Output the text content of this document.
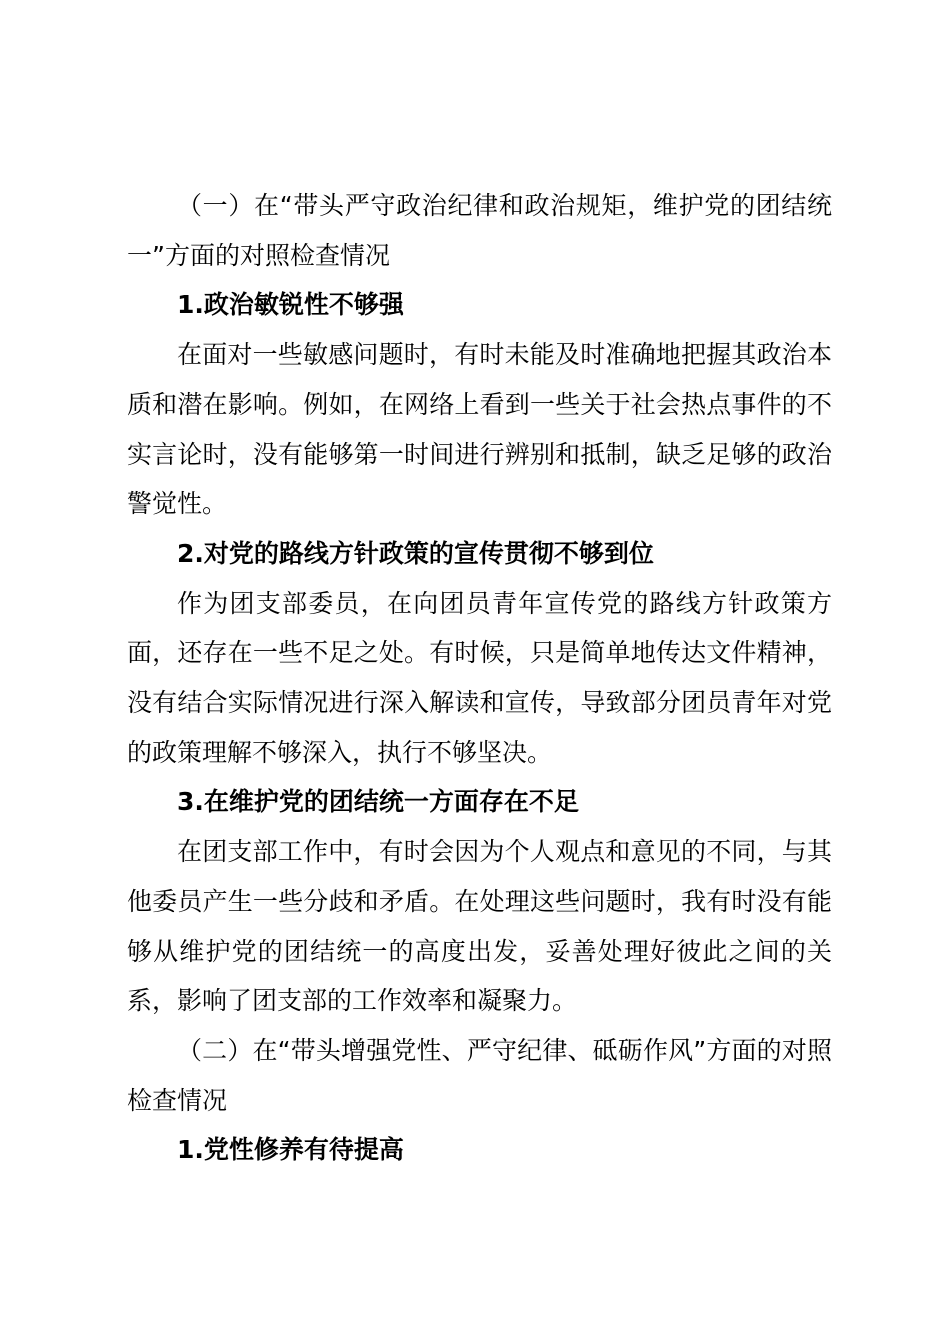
（一）在“带头严守政治纪律和政治规矩，维护党的团结统一”方面的对照检查情况

1.政治敏锐性不够强

在面对一些敏感问题时，有时未能及时准确地把握其政治本质和潜在影响。例如，在网络上看到一些关于社会热点事件的不实言论时，没有能够第一时间进行辨别和抵制，缺乏足够的政治警觉性。

2.对党的路线方针政策的宣传贯彻不够到位

作为团支部委员，在向团员青年宣传党的路线方针政策方面，还存在一些不足之处。有时候，只是简单地传达文件精神，没有结合实际情况进行深入解读和宣传，导致部分团员青年对党的政策理解不够深入，执行不够坚决。

3.在维护党的团结统一方面存在不足

在团支部工作中，有时会因为个人观点和意见的不同，与其他委员产生一些分歧和矛盾。在处理这些问题时，我有时没有能够从维护党的团结统一的高度出发，妥善处理好彼此之间的关系，影响了团支部的工作效率和凝聚力。

（二）在“带头增强党性、严守纪律、砥砺作风”方面的对照检查情况

1.党性修养有待提高
